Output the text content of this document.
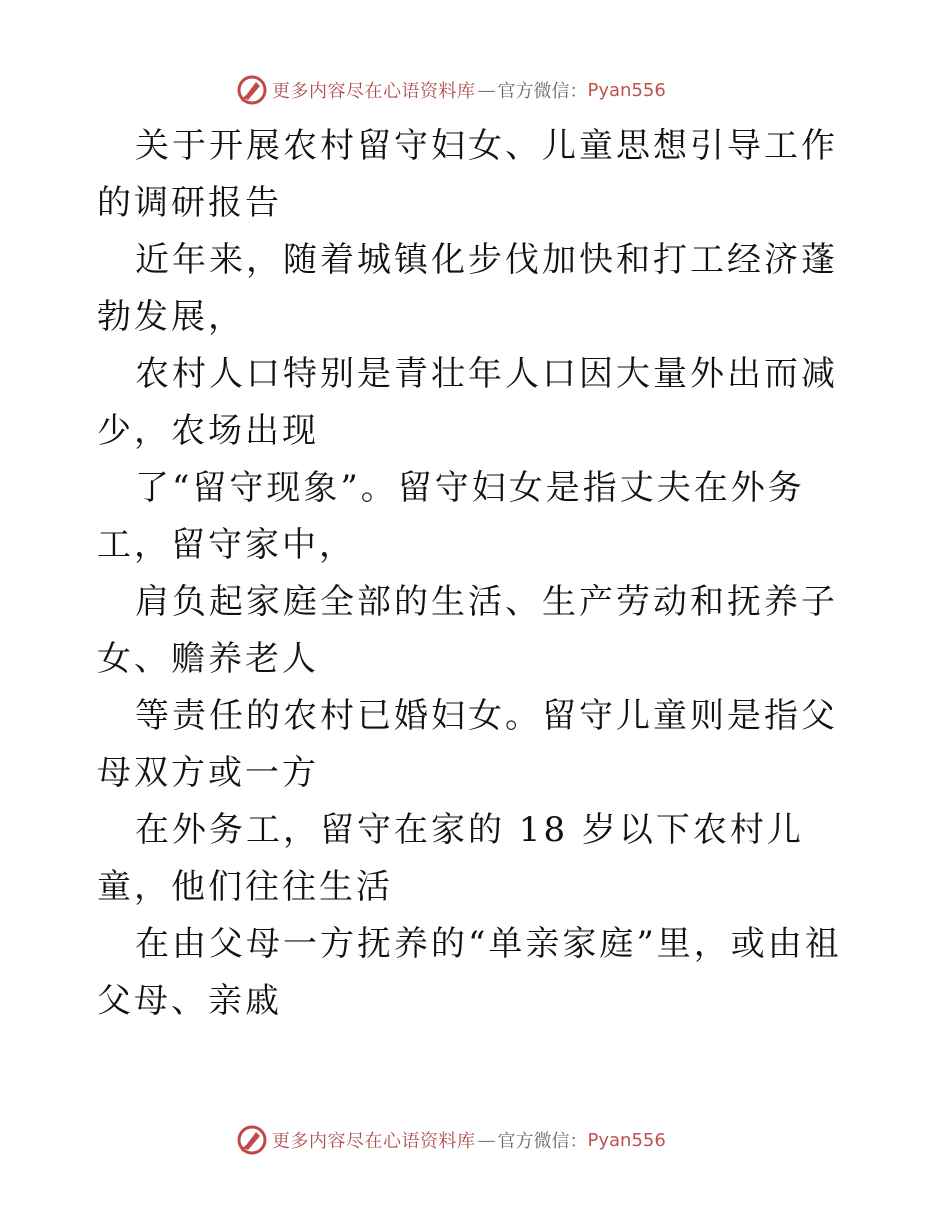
更多内容尽在心语资料库 — 官方微信： Pyan556

关于开展农村留守妇女、儿童思想引导工作的调研报告

近年来，随着城镇化步伐加快和打工经济蓬勃发展，

农村人口特别是青壮年人口因大量外出而减少，农场出现

了“留守现象”。留守妇女是指丈夫在外务工，留守家中，

肩负起家庭全部的生活、生产劳动和抚养子女、赡养老人

等责任的农村已婚妇女。留守儿童则是指父母双方或一方

在外务工，留守在家的 18 岁以下农村儿童，他们往往生活

在由父母一方抚养的“单亲家庭”里，或由祖父母、亲戚

更多内容尽在心语资料库 — 官方微信： Pyan556
